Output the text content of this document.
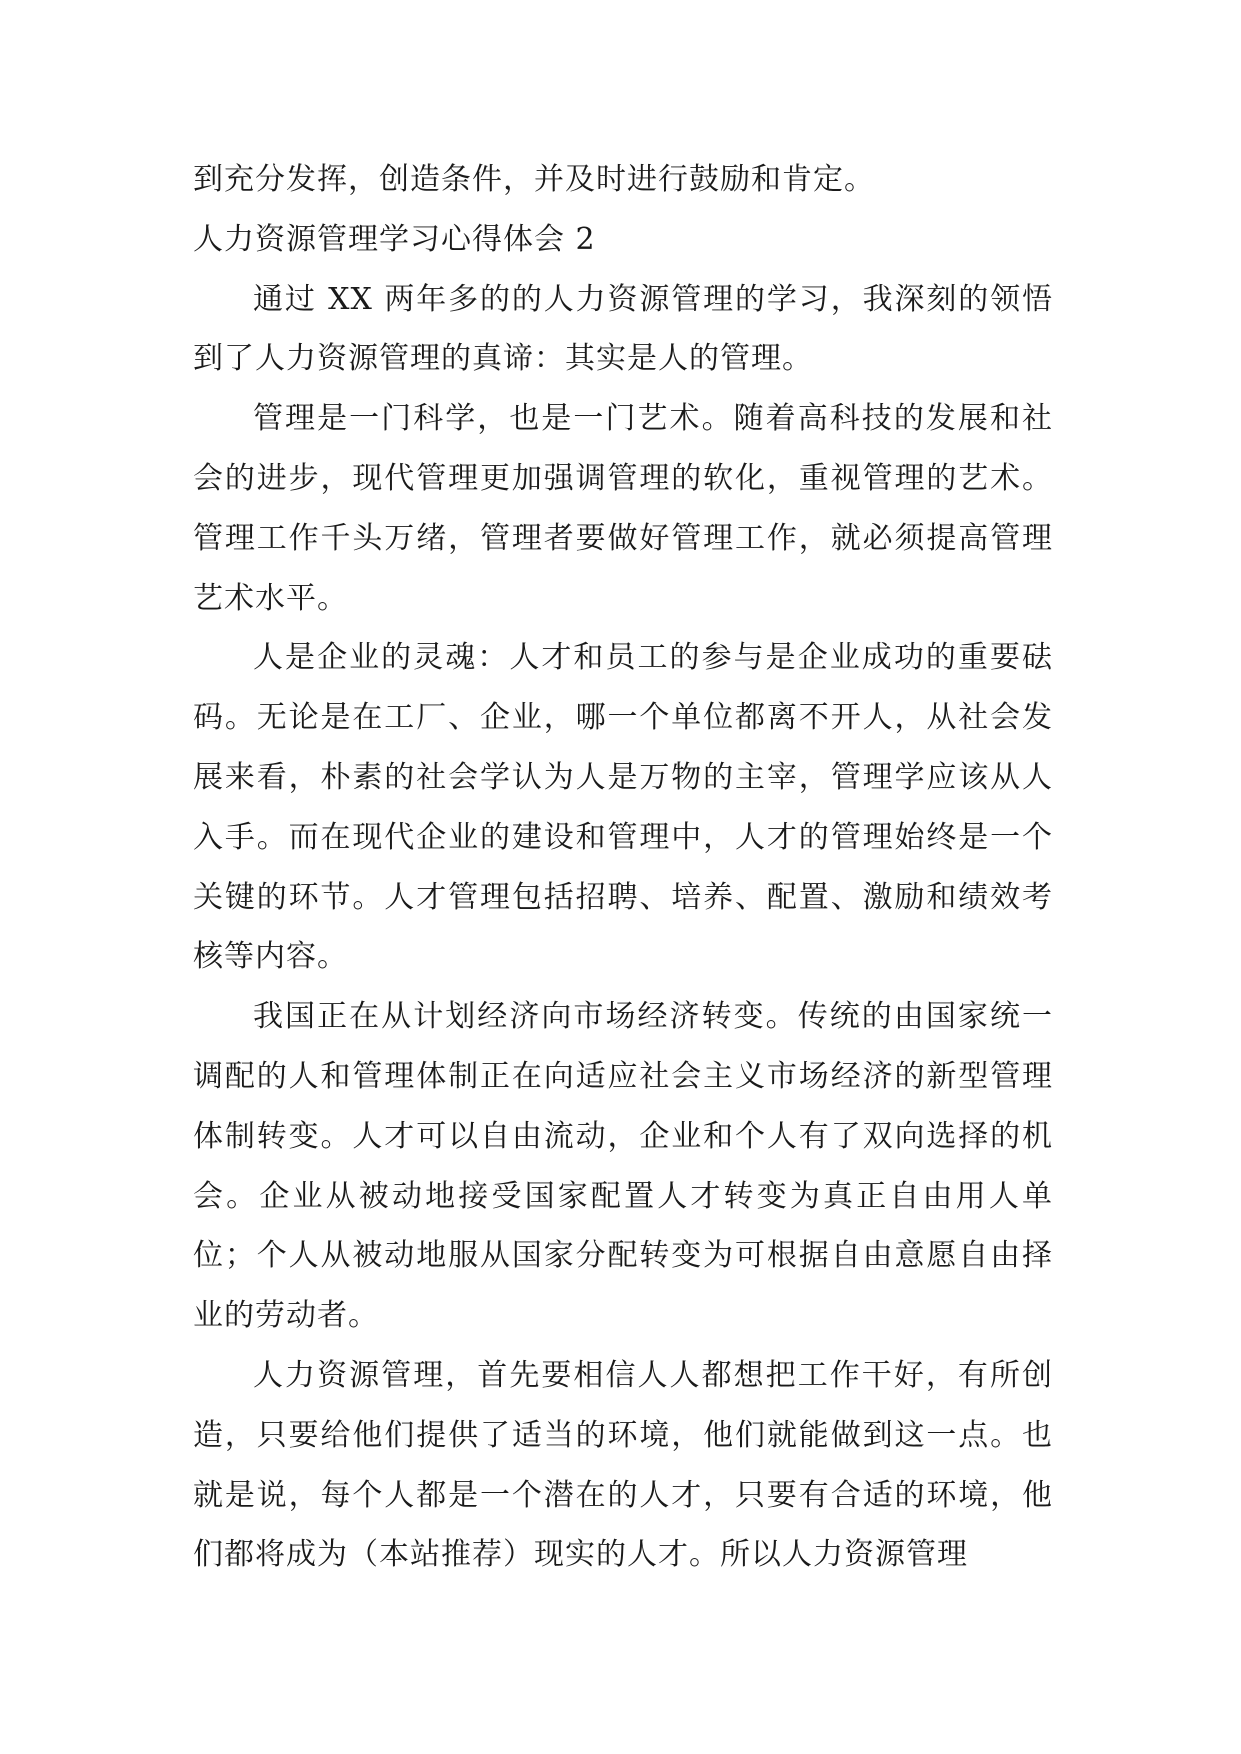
到充分发挥，创造条件，并及时进行鼓励和肯定。

人力资源管理学习心得体会 2

通过 XX 两年多的的人力资源管理的学习，我深刻的领悟到了人力资源管理的真谛：其实是人的管理。

管理是一门科学，也是一门艺术。随着高科技的发展和社会的进步，现代管理更加强调管理的软化，重视管理的艺术。管理工作千头万绪，管理者要做好管理工作，就必须提高管理艺术水平。

人是企业的灵魂：人才和员工的参与是企业成功的重要砝码。无论是在工厂、企业，哪一个单位都离不开人，从社会发展来看，朴素的社会学认为人是万物的主宰，管理学应该从人入手。而在现代企业的建设和管理中，人才的管理始终是一个关键的环节。人才管理包括招聘、培养、配置、激励和绩效考核等内容。

我国正在从计划经济向市场经济转变。传统的由国家统一调配的人和管理体制正在向适应社会主义市场经济的新型管理体制转变。人才可以自由流动，企业和个人有了双向选择的机会。企业从被动地接受国家配置人才转变为真正自由用人单位；个人从被动地服从国家分配转变为可根据自由意愿自由择业的劳动者。

人力资源管理，首先要相信人人都想把工作干好，有所创造，只要给他们提供了适当的环境，他们就能做到这一点。也就是说，每个人都是一个潜在的人才，只要有合适的环境，他们都将成为（本站推荐）现实的人才。所以人力资源管理
